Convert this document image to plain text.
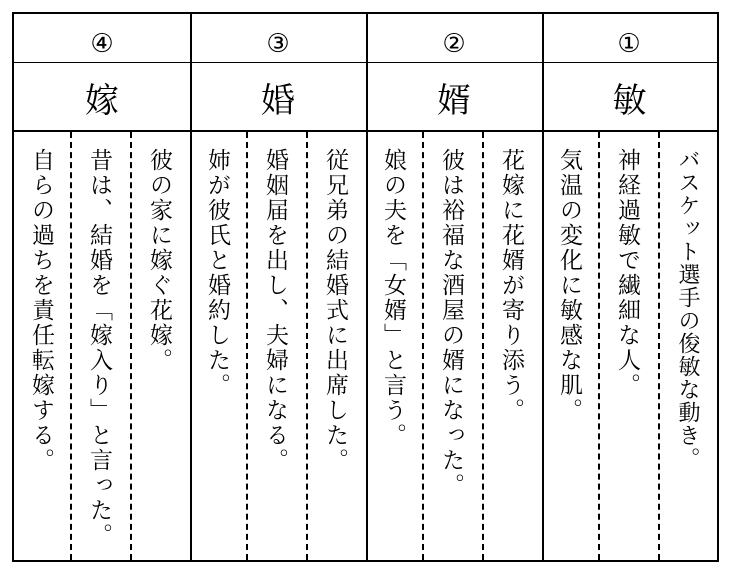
④
嫁
彼の家に嫁ぐ花嫁。
昔は、結婚を「嫁入り」と言った。
自らの過ちを責任転嫁する。
③
婚
従兄弟の結婚式に出席した。
婚姻届を出し、夫婦になる。
姉が彼氏と婚約した。
②
婿
花嫁に花婿が寄り添う。
彼は裕福な酒屋の婿になった。
娘の夫を「女婿」と言う。
①
敏
バスケット選手の俊敏な動き。
神経過敏で繊細な人。
気温の変化に敏感な肌。
